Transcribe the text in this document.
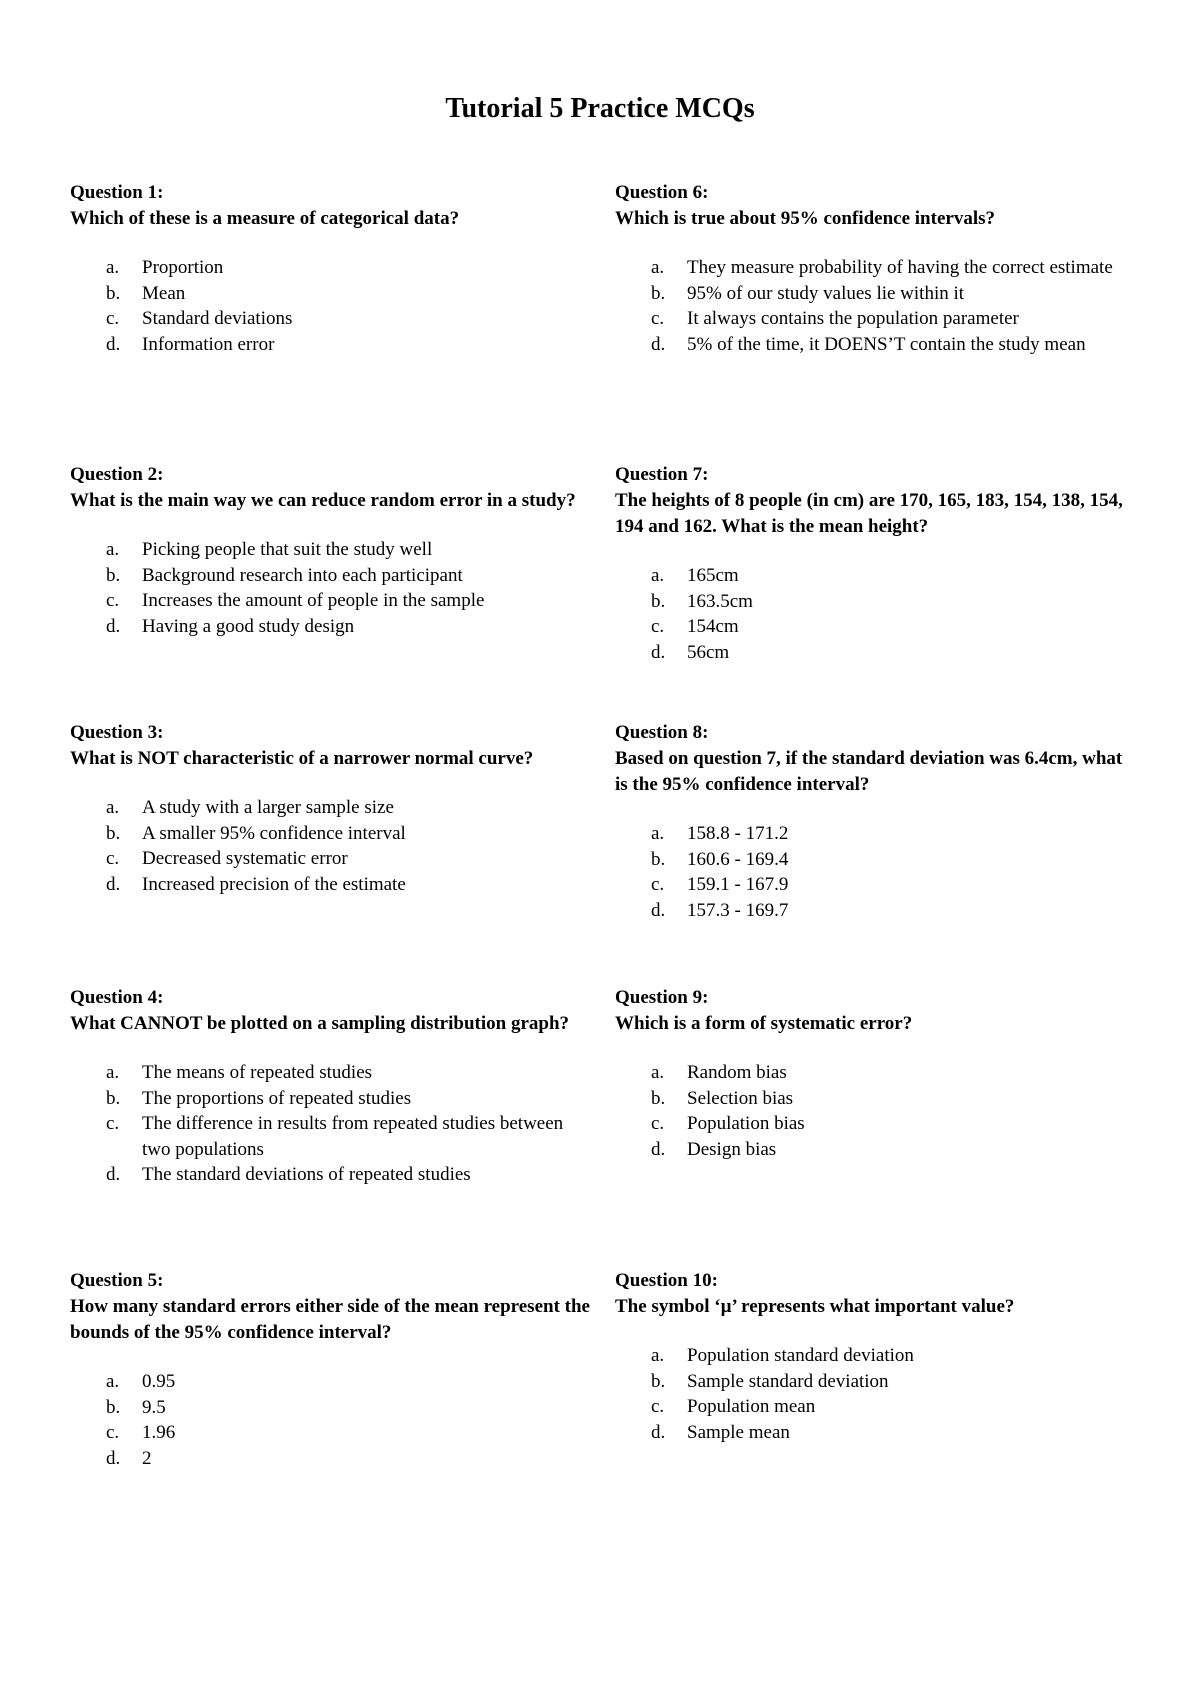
Tutorial 5 Practice MCQs

Question 1:

Which of these is a measure of categorical data?

a. Proportion
b. Mean
c. Standard deviations
d. Information error

Question 2:

What is the main way we can reduce random error in a study?

a. Picking people that suit the study well
b. Background research into each participant
c. Increases the amount of people in the sample
d. Having a good study design

Question 3:

What is NOT characteristic of a narrower normal curve?

a. A study with a larger sample size
b. A smaller 95% confidence interval
c. Decreased systematic error
d. Increased precision of the estimate

Question 4:

What CANNOT be plotted on a sampling distribution graph?

a. The means of repeated studies
b. The proportions of repeated studies
c. The difference in results from repeated studies between two populations
d. The standard deviations of repeated studies

Question 5:

How many standard errors either side of the mean represent the bounds of the 95% confidence interval?

a. 0.95
b. 9.5
c. 1.96
d. 2

Question 6:

Which is true about 95% confidence intervals?

a. They measure probability of having the correct estimate
b. 95% of our study values lie within it
c. It always contains the population parameter
d. 5% of the time, it DOENS’T contain the study mean

Question 7:

The heights of 8 people (in cm) are 170, 165, 183, 154, 138, 154, 194 and 162. What is the mean height?

a. 165cm
b. 163.5cm
c. 154cm
d. 56cm

Question 8:

Based on question 7, if the standard deviation was 6.4cm, what is the 95% confidence interval?

a. 158.8 - 171.2
b. 160.6 - 169.4
c. 159.1 - 167.9
d. 157.3 - 169.7

Question 9:

Which is a form of systematic error?

a. Random bias
b. Selection bias
c. Population bias
d. Design bias

Question 10:

The symbol ‘µ’ represents what important value?

a. Population standard deviation
b. Sample standard deviation
c. Population mean
d. Sample mean
